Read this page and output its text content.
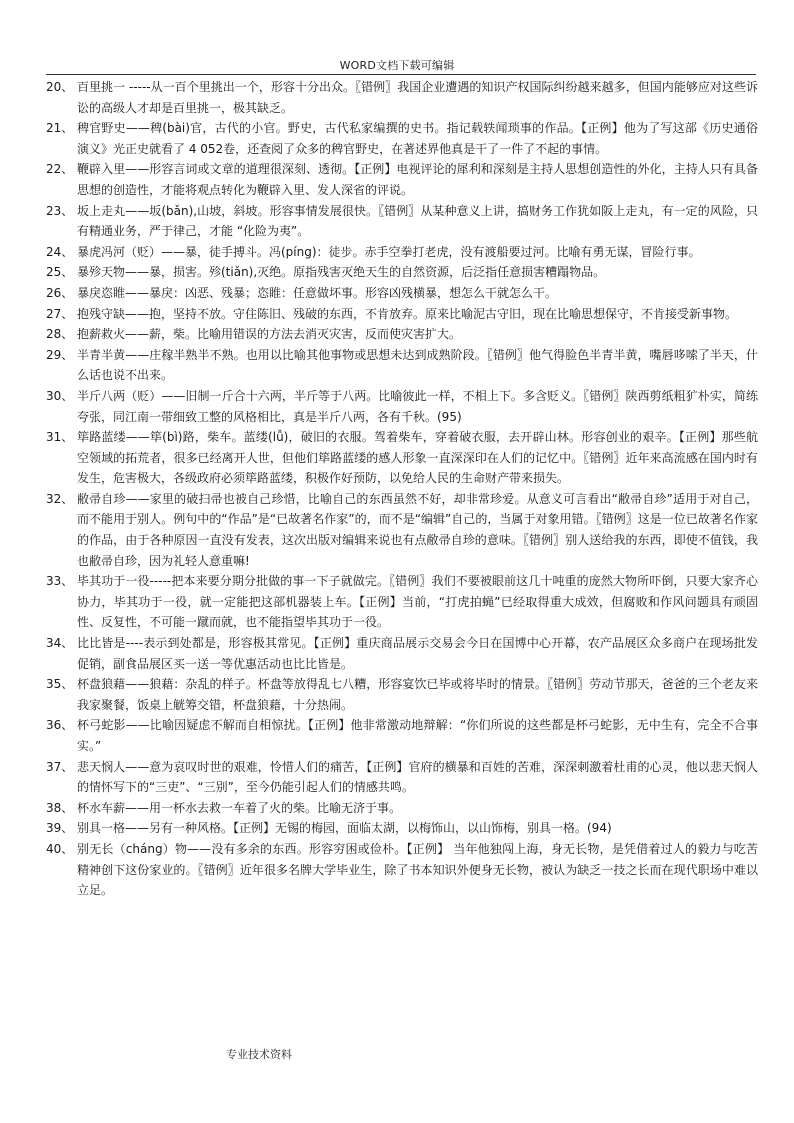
WORD文档下载可编辑
20、 百里挑一 -----从一百个里挑出一个，形容十分出众。〖错例〗我国企业遭遇的知识产权国际纠纷越来越多，但国内能够应对这些诉讼的高级人才却是百里挑一，极其缺乏。
21、 稗官野史——稗(bài)官，古代的小官。野史，古代私家编撰的史书。指记载轶闻琐事的作品。【正例】他为了写这部《历史通俗演义》光正史就看了 4 052卷，还查阅了众多的稗官野史，在著述界他真是干了一件了不起的事情。
22、 鞭辟入里——形容言词或文章的道理很深刻、透彻。【正例】电视评论的犀利和深刻是主持人思想创造性的外化，主持人只有具备思想的创造性，才能将观点转化为鞭辟入里、发人深省的评说。
23、 坂上走丸——坂(bǎn),山坡，斜坡。形容事情发展很快。〖错例〗从某种意义上讲，搞财务工作犹如阪上走丸，有一定的风险，只有精通业务，严于律己，才能 “化险为夷”。
24、 暴虎冯河（贬）——暴，徒手搏斗。冯(píng)：徒步。赤手空拳打老虎，没有渡船要过河。比喻有勇无谋，冒险行事。
25、 暴殄天物——暴，损害。殄(tiǎn),灭绝。原指残害灭绝天生的自然资源，后泛指任意损害糟蹋物品。
26、 暴戾恣睢——暴戾：凶恶、残暴；恣睢：任意做坏事。形容凶残横暴，想怎么干就怎么干。
27、 抱残守缺——抱，坚持不放。守住陈旧、残破的东西，不肯放弃。原来比喻泥古守旧，现在比喻思想保守，不肯接受新事物。
28、 抱薪救火——薪，柴。比喻用错误的方法去消灭灾害，反而使灾害扩大。
29、 半青半黄——庄稼半熟半不熟。也用以比喻其他事物或思想未达到成熟阶段。〖错例〗他气得脸色半青半黄，嘴唇哆嗦了半天，什么话也说不出来。
30、 半斤八两（贬）——旧制一斤合十六两，半斤等于八两。比喻彼此一样，不相上下。多含贬义。〖错例〗陕西剪纸粗犷朴实，简练夸张，同江南一带细致工整的风格相比，真是半斤八两，各有千秋。(95)
31、 筚路蓝缕——筚(bì)路，柴车。蓝缕(lǚ)，破旧的衣服。驾着柴车，穿着破衣服，去开辟山林。形容创业的艰辛。【正例】那些航空领域的拓荒者，很多已经离开人世，但他们筚路蓝缕的感人形象一直深深印在人们的记忆中。〖错例〗近年来高流感在国内时有发生，危害极大，各级政府必须筚路蓝缕，积极作好预防，以免给人民的生命财产带来损失。
32、 敝帚自珍——家里的破扫帚也被自己珍惜，比喻自己的东西虽然不好，却非常珍爱。从意义可言看出“敝帚自珍”适用于对自己，而不能用于别人。例句中的“作品”是“已故著名作家”的，而不是“编辑”自己的，当属于对象用错。〖错例〗这是一位已故著名作家的作品，由于各种原因一直没有发表，这次出版对编辑来说也有点敝帚自珍的意味。〖错例〗别人送给我的东西，即使不值钱，我也敝帚自珍，因为礼轻人意重嘛!
33、 毕其功于一役-----把本来要分期分批做的事一下子就做完。〖错例〗我们不要被眼前这几十吨重的庞然大物所吓倒，只要大家齐心协力，毕其功于一役，就一定能把这部机器装上车。【正例】当前，“打虎拍蝇”已经取得重大成效，但腐败和作风问题具有顽固性、反复性，不可能一蹴而就，也不能指望毕其功于一役。
34、 比比皆是----表示到处都是，形容极其常见。【正例】重庆商品展示交易会今日在国博中心开幕，农产品展区众多商户在现场批发促销，副食品展区买一送一等优惠活动也比比皆是。
35、 杯盘狼藉——狼藉：杂乱的样子。杯盘等放得乱七八糟，形容宴饮已毕或将毕时的情景。〖错例〗劳动节那天，爸爸的三个老友来我家聚餐，饭桌上觥筹交错，杯盘狼藉，十分热闹。
36、 杯弓蛇影——比喻因疑虑不解而自相惊扰。【正例】他非常激动地辩解：“你们所说的这些都是杯弓蛇影，无中生有，完全不合事实。”
37、 悲天悯人——意为哀叹时世的艰难，怜惜人们的痛苦，【正例】官府的横暴和百姓的苦难，深深刺激着杜甫的心灵，他以悲天悯人的情怀写下的“三吏”、“三别”，至今仍能引起人们的情感共鸣。
38、 杯水车薪——用一杯水去救一车着了火的柴。比喻无济于事。
39、 别具一格——另有一种风格。【正例】无锡的梅园，面临太湖，以梅饰山，以山饰梅，别具一格。(94)
40、 别无长（cháng）物——没有多余的东西。形容穷困或俭朴。【正例】 当年他独闯上海，身无长物，是凭借着过人的毅力与吃苦精神创下这份家业的。〖错例〗近年很多名牌大学毕业生，除了书本知识外便身无长物，被认为缺乏一技之长而在现代职场中难以立足。
专业技术资料
